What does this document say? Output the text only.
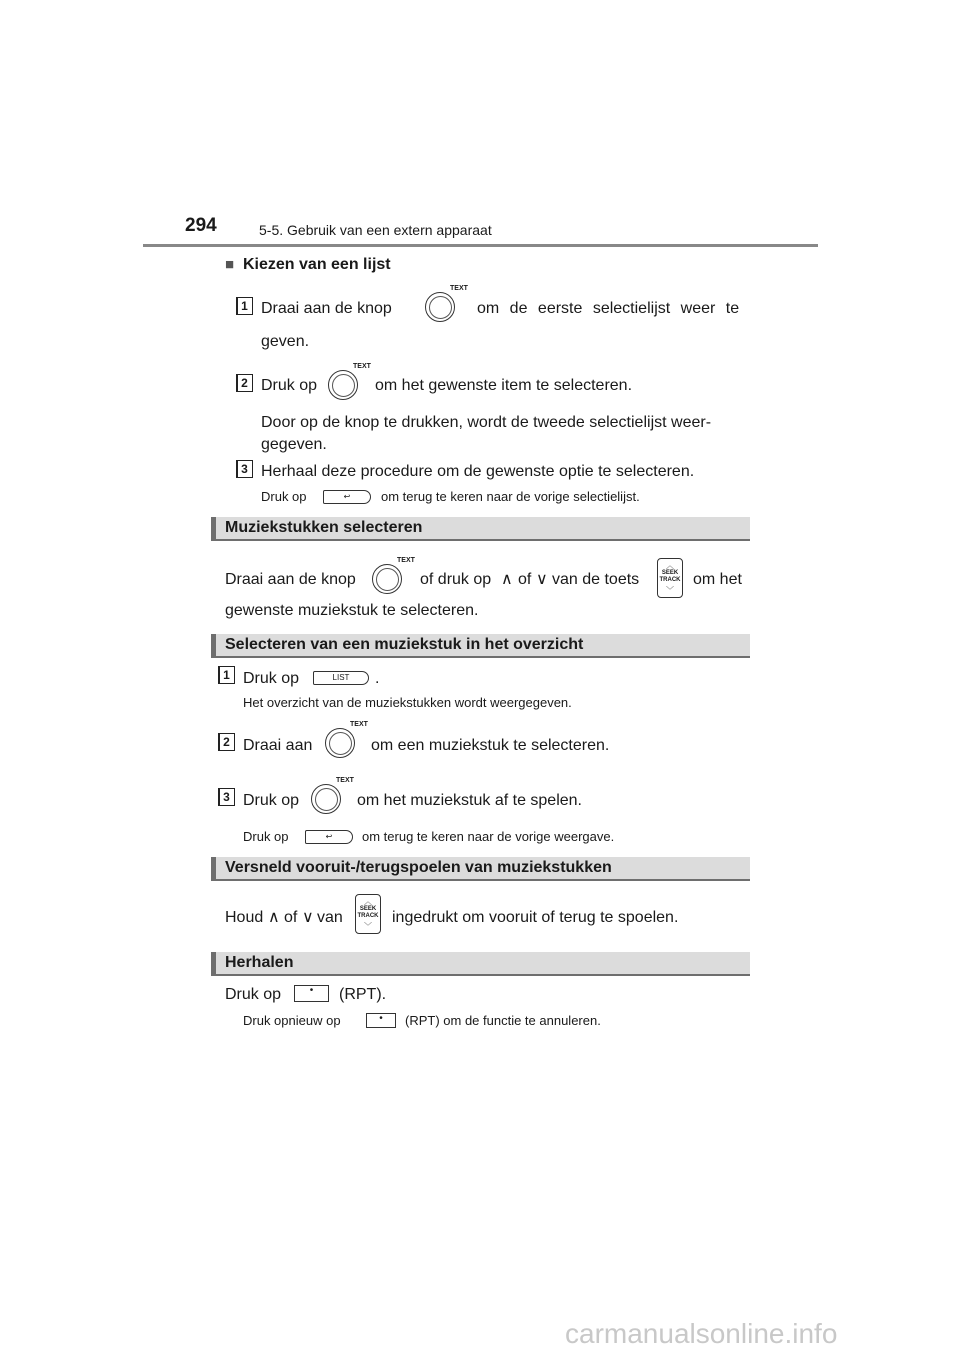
294	5-5. Gebruik van een extern apparaat
■ Kiezen van een lijst
1 Draai aan de knop
TEXT
om de eerste selectielijst weer te
geven.
2 Druk op
TEXT
om het gewenste item te selecteren.
Door op de knop te drukken, wordt de tweede selectielijst weer-
gegeven.
3 Herhaal deze procedure om de gewenste optie te selecteren.
Druk op	↩	om terug te keren naar de vorige selectielijst.
Muziekstukken selecteren
Draai aan de knop
TEXT
of druk op ∧ of ∨ van de toets
︿
SEEK
TRACK
﹀
om het
gewenste muziekstuk te selecteren.
Selecteren van een muziekstuk in het overzicht
1 Druk op	LIST	.
Het overzicht van de muziekstukken wordt weergegeven.
2 Draai aan
TEXT
om een muziekstuk te selecteren.
3 Druk op
TEXT
om het muziekstuk af te spelen.
Druk op	↩	om terug te keren naar de vorige weergave.
Versneld vooruit-/terugspoelen van muziekstukken
Houd ∧ of ∨ van
︿
SEEK
TRACK
﹀
ingedrukt om vooruit of terug te spoelen.
Herhalen
Druk op	•	(RPT).
Druk opnieuw op	•	(RPT) om de functie te annuleren.
carmanualsonline.info
